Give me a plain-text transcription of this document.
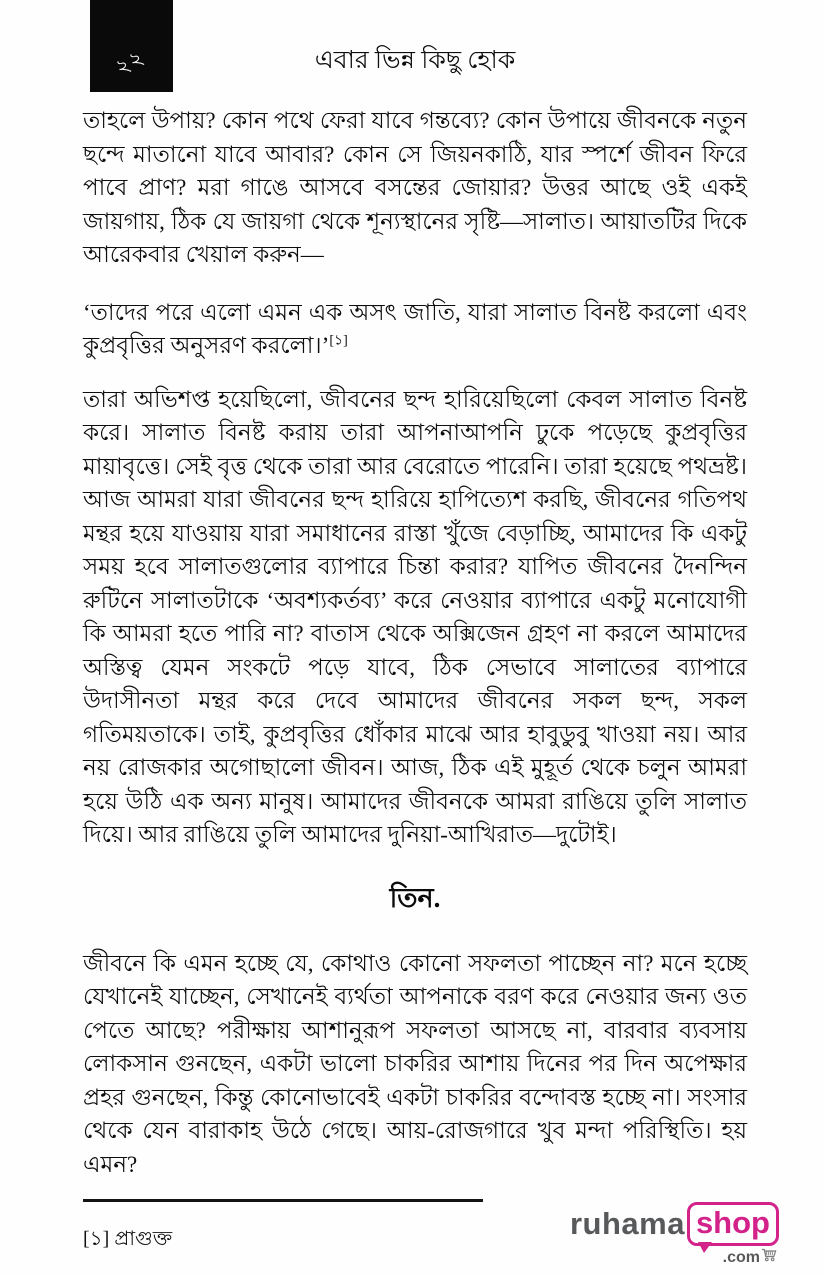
২২	এবার ভিন্ন কিছু হোক

তাহলে উপায়? কোন পথে ফেরা যাবে গন্তব্যে? কোন উপায়ে জীবনকে নতুন ছন্দে মাতানো যাবে আবার? কোন সে জিয়নকাঠি, যার স্পর্শে জীবন ফিরে পাবে প্রাণ? মরা গাঙে আসবে বসন্তের জোয়ার? উত্তর আছে ওই একই জায়গায়, ঠিক যে জায়গা থেকে শূন্যস্থানের সৃষ্টি—সালাত। আয়াতটির দিকে আরেকবার খেয়াল করুন—

‘তাদের পরে এলো এমন এক অসৎ জাতি, যারা সালাত বিনষ্ট করলো এবং কুপ্রবৃত্তির অনুসরণ করলো।’[১]

তারা অভিশপ্ত হয়েছিলো, জীবনের ছন্দ হারিয়েছিলো কেবল সালাত বিনষ্ট করে। সালাত বিনষ্ট করায় তারা আপনাআপনি ঢুকে পড়েছে কুপ্রবৃত্তির মায়াবৃত্তে। সেই বৃত্ত থেকে তারা আর বেরোতে পারেনি। তারা হয়েছে পথভ্রষ্ট। আজ আমরা যারা জীবনের ছন্দ হারিয়ে হাপিত্যেশ করছি, জীবনের গতিপথ মন্থর হয়ে যাওয়ায় যারা সমাধানের রাস্তা খুঁজে বেড়াচ্ছি, আমাদের কি একটু সময় হবে সালাতগুলোর ব্যাপারে চিন্তা করার? যাপিত জীবনের দৈনন্দিন রুটিনে সালাতটাকে ‘অবশ্যকর্তব্য’ করে নেওয়ার ব্যাপারে একটু মনোযোগী কি আমরা হতে পারি না? বাতাস থেকে অক্সিজেন গ্রহণ না করলে আমাদের অস্তিত্ব যেমন সংকটে পড়ে যাবে, ঠিক সেভাবে সালাতের ব্যাপারে উদাসীনতা মন্থর করে দেবে আমাদের জীবনের সকল ছন্দ, সকল গতিময়তাকে। তাই, কুপ্রবৃত্তির ধোঁকার মাঝে আর হাবুডুবু খাওয়া নয়। আর নয় রোজকার অগোছালো জীবন। আজ, ঠিক এই মুহূর্ত থেকে চলুন আমরা হয়ে উঠি এক অন্য মানুষ। আমাদের জীবনকে আমরা রাঙিয়ে তুলি সালাত দিয়ে। আর রাঙিয়ে তুলি আমাদের দুনিয়া-আখিরাত—দুটোই।

তিন.

জীবনে কি এমন হচ্ছে যে, কোথাও কোনো সফলতা পাচ্ছেন না? মনে হচ্ছে যেখানেই যাচ্ছেন, সেখানেই ব্যর্থতা আপনাকে বরণ করে নেওয়ার জন্য ওত পেতে আছে? পরীক্ষায় আশানুরূপ সফলতা আসছে না, বারবার ব্যবসায় লোকসান গুনছেন, একটা ভালো চাকরির আশায় দিনের পর দিন অপেক্ষার প্রহর গুনছেন, কিন্তু কোনোভাবেই একটা চাকরির বন্দোবস্ত হচ্ছে না। সংসার থেকে যেন বারাকাহ উঠে গেছে। আয়-রোজগারে খুব মন্দা পরিস্থিতি। হয় এমন?

[১] প্রাগুক্ত	ruhama shop
.com
